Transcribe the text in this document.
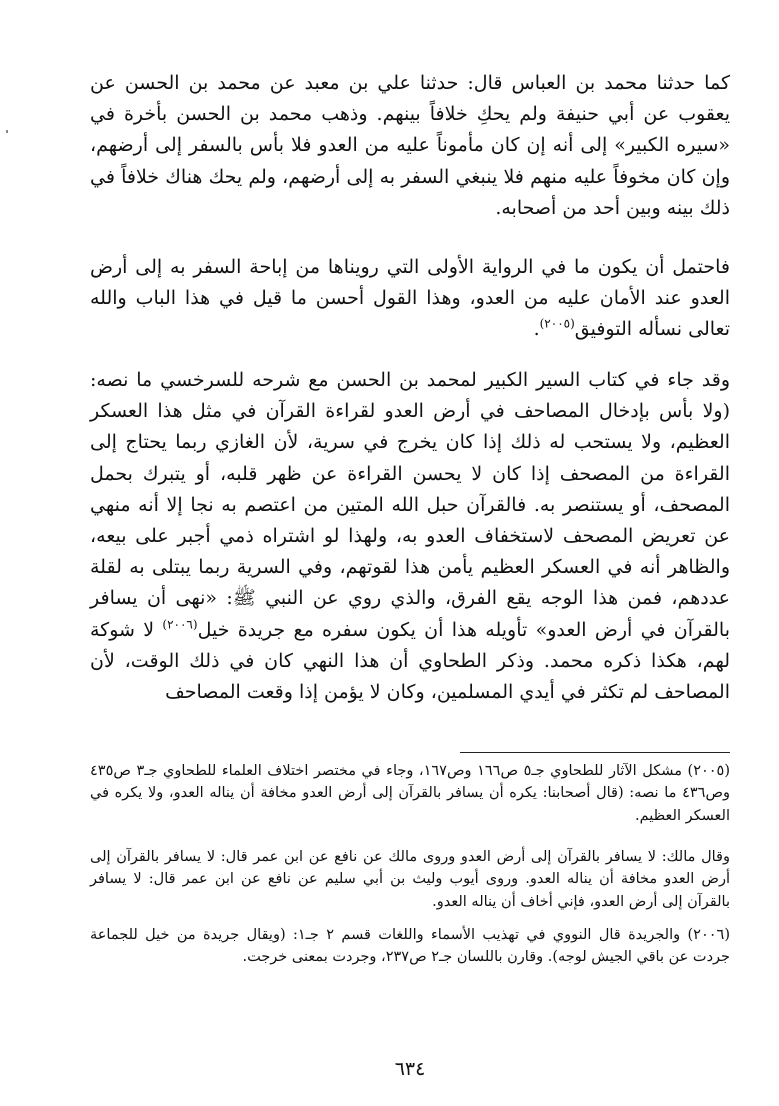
كما حدثنا محمد بن العباس قال: حدثنا علي بن معبد عن محمد بن الحسن عن يعقوب عن أبي حنيفة ولم يحكِ خلافاً بينهم. وذهب محمد بن الحسن بأخرة في «سيره الكبير» إلى أنه إن كان مأموناً عليه من العدو فلا بأس بالسفر إلى أرضهم، وإن كان مخوفاً عليه منهم فلا ينبغي السفر به إلى أرضهم، ولم يحك هناك خلافاً في ذلك بينه وبين أحد من أصحابه.

فاحتمل أن يكون ما في الرواية الأولى التي رويناها من إباحة السفر به إلى أرض العدو عند الأمان عليه من العدو، وهذا القول أحسن ما قيل في هذا الباب والله تعالى نسأله التوفيق$^{(٢٠٠٥)}$.

وقد جاء في كتاب السير الكبير لمحمد بن الحسن مع شرحه للسرخسي ما نصه: (ولا بأس بإدخال المصاحف في أرض العدو لقراءة القرآن في مثل هذا العسكر العظيم، ولا يستحب له ذلك إذا كان يخرج في سرية، لأن الغازي ربما يحتاج إلى القراءة من المصحف إذا كان لا يحسن القراءة عن ظهر قلبه، أو يتبرك بحمل المصحف، أو يستنصر به. فالقرآن حبل الله المتين من اعتصم به نجا إلا أنه منهي عن تعريض المصحف لاستخفاف العدو به، ولهذا لو اشتراه ذمي أجبر على بيعه، والظاهر أنه في العسكر العظيم يأمن هذا لقوتهم، وفي السرية ربما يبتلى به لقلة عددهم، فمن هذا الوجه يقع الفرق، والذي روي عن النبي ﷺ: «نهى أن يسافر بالقرآن في أرض العدو» تأويله هذا أن يكون سفره مع جريدة خيل$^{(٢٠٠٦)}$ لا شوكة لهم، هكذا ذكره محمد. وذكر الطحاوي أن هذا النهي كان في ذلك الوقت، لأن المصاحف لم تكثر في أيدي المسلمين، وكان لا يؤمن إذا وقعت المصاحف

(٢٠٠٥) مشكل الآثار للطحاوي جـ٥ ص١٦٦ وص١٦٧، وجاء في مختصر اختلاف العلماء للطحاوي جـ٣ ص٤٣٥ وص٤٣٦ ما نصه: (قال أصحابنا: يكره أن يسافر بالقرآن إلى أرض العدو مخافة أن يناله العدو، ولا يكره في العسكر العظيم.

وقال مالك: لا يسافر بالقرآن إلى أرض العدو وروى مالك عن نافع عن ابن عمر قال: لا يسافر بالقرآن إلى أرض العدو مخافة أن يناله العدو. وروى أيوب وليث بن أبي سليم عن نافع عن ابن عمر قال: لا يسافر بالقرآن إلى أرض العدو، فإني أخاف أن يناله العدو.

(٢٠٠٦) والجريدة قال النووي في تهذيب الأسماء واللغات قسم ٢ جـ١: (ويقال جريدة من خيل للجماعة جردت عن باقي الجيش لوجه). وقارن باللسان جـ٢ ص٢٣٧، وجردت بمعنى خرجت.

٦٣٤
